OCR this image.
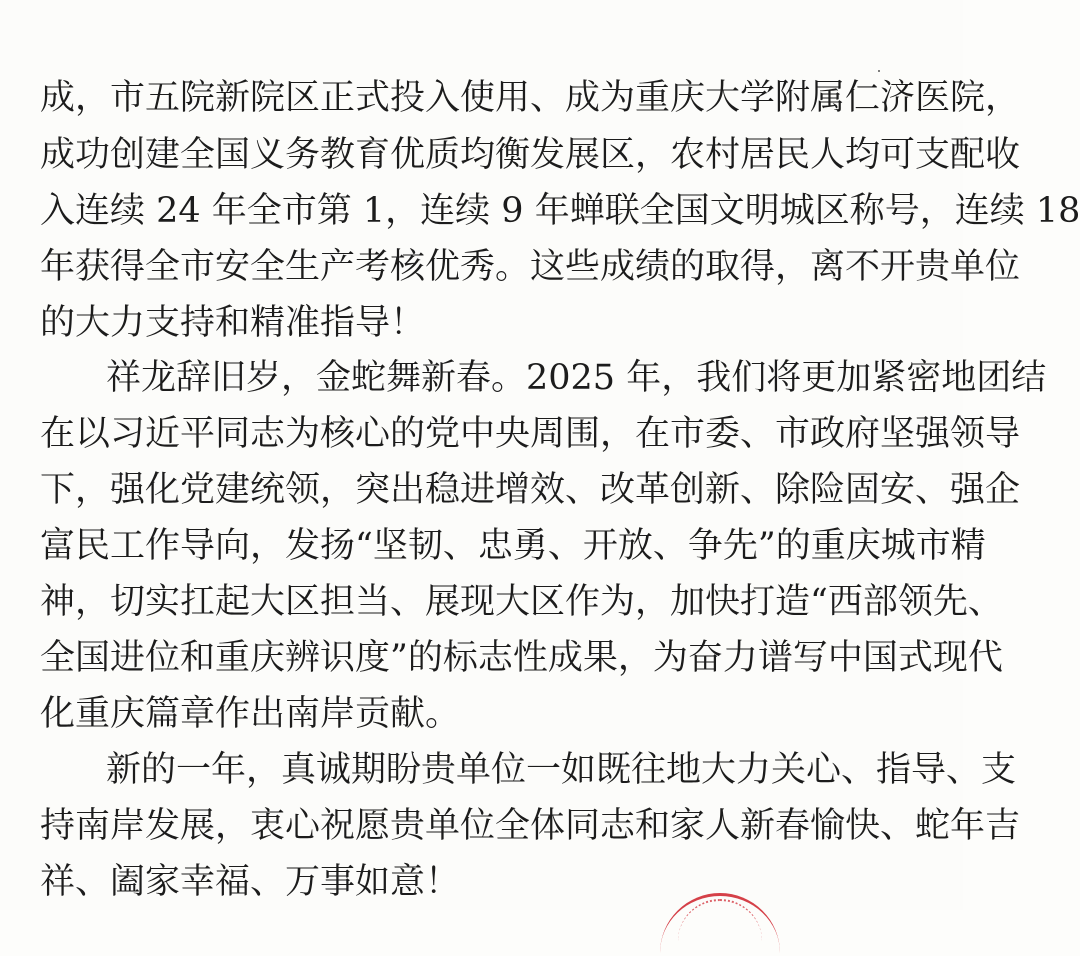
成，市五院新院区正式投入使用、成为重庆大学附属仁济医院，
成功创建全国义务教育优质均衡发展区，农村居民人均可支配收
入连续 24 年全市第 1，连续 9 年蝉联全国文明城区称号，连续 18
年获得全市安全生产考核优秀。这些成绩的取得，离不开贵单位
的大力支持和精准指导！
祥龙辞旧岁，金蛇舞新春。2025 年，我们将更加紧密地团结
在以习近平同志为核心的党中央周围，在市委、市政府坚强领导
下，强化党建统领，突出稳进增效、改革创新、除险固安、强企
富民工作导向，发扬“坚韧、忠勇、开放、争先”的重庆城市精
神，切实扛起大区担当、展现大区作为，加快打造“西部领先、
全国进位和重庆辨识度”的标志性成果，为奋力谱写中国式现代
化重庆篇章作出南岸贡献。
新的一年，真诚期盼贵单位一如既往地大力关心、指导、支
持南岸发展，衷心祝愿贵单位全体同志和家人新春愉快、蛇年吉
祥、阖家幸福、万事如意！
